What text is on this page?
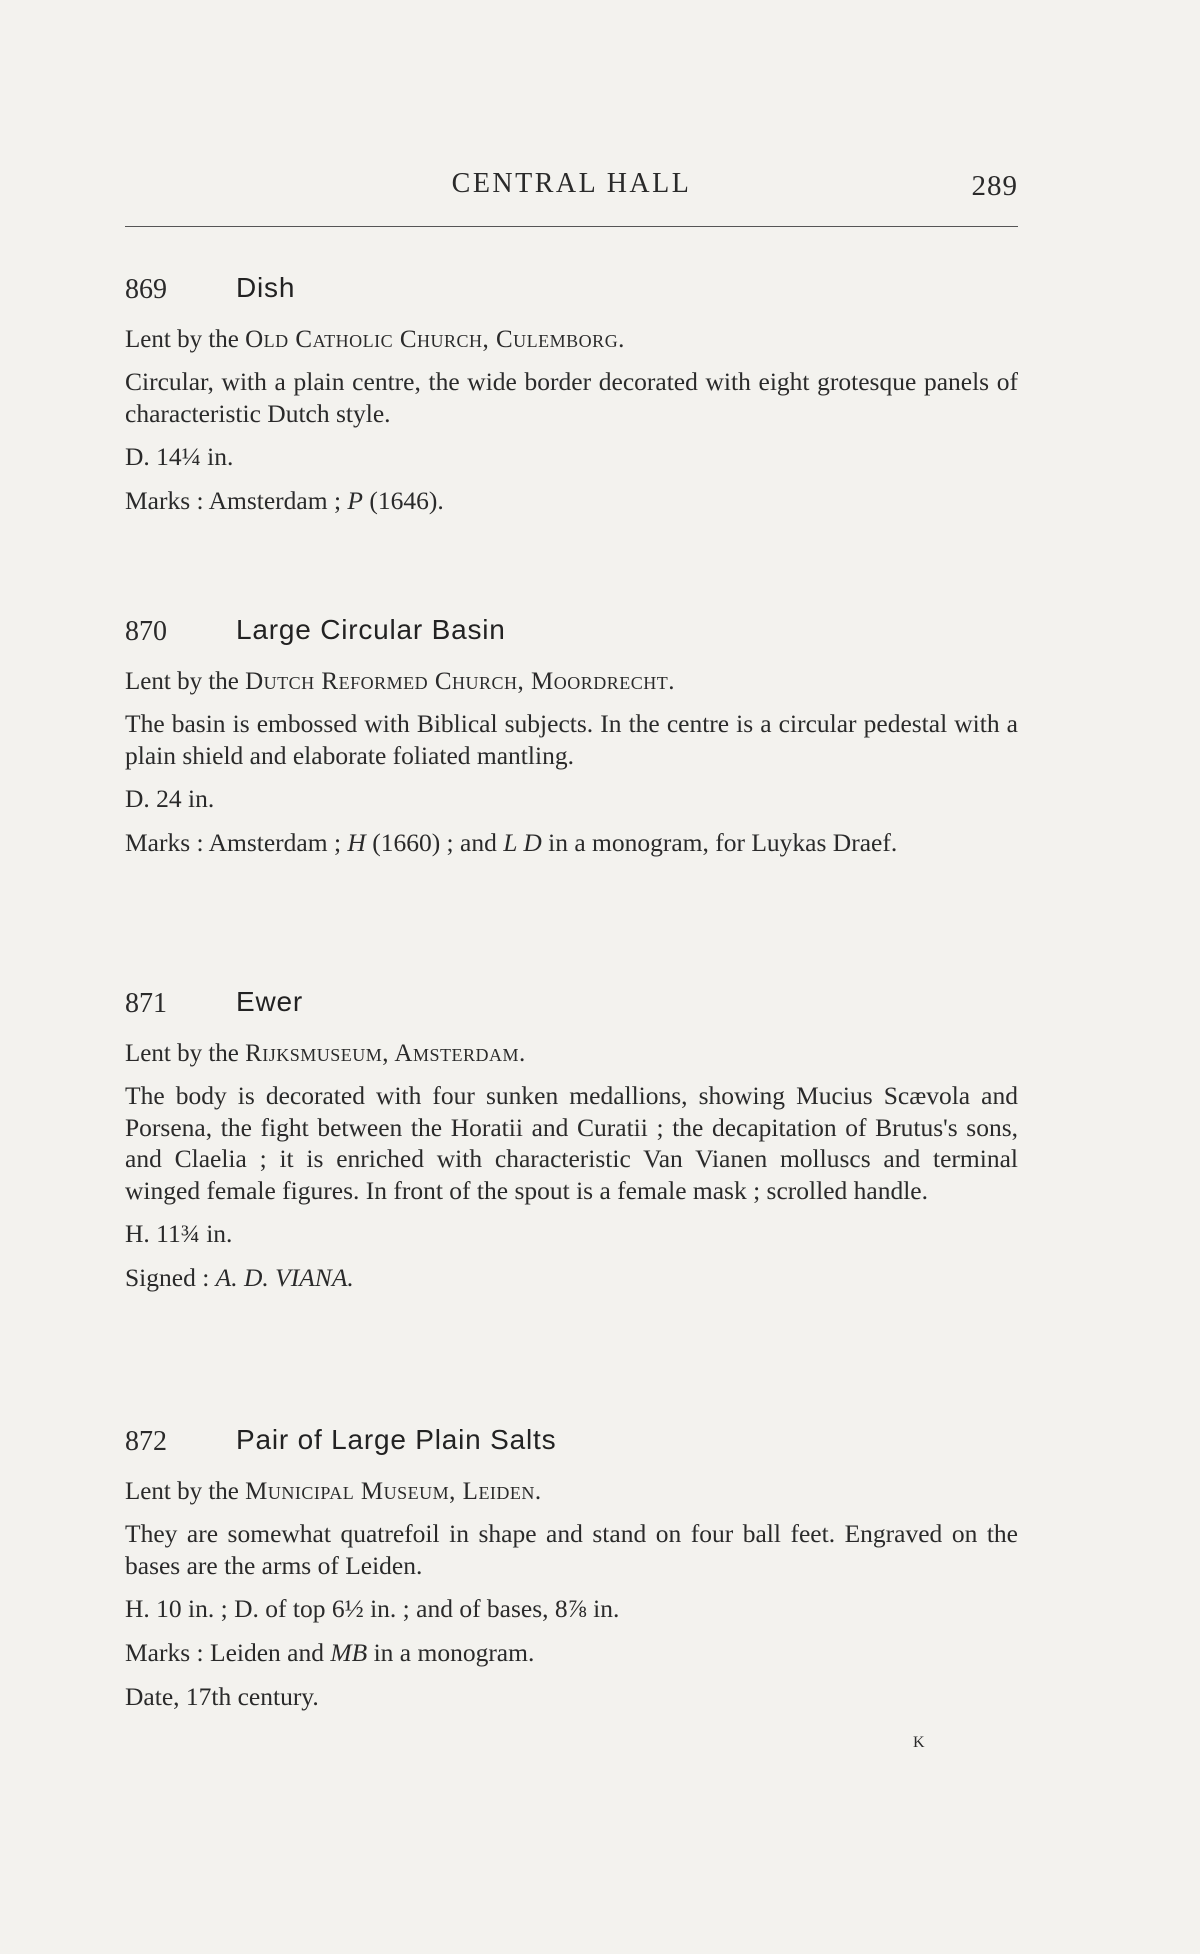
CENTRAL HALL	289
869 Dish
Lent by the Old Catholic Church, Culemborg.
Circular, with a plain centre, the wide border decorated with eight grotesque panels of characteristic Dutch style.
D. 14¼ in.
Marks : Amsterdam ; P (1646).
870 Large Circular Basin
Lent by the Dutch Reformed Church, Moordrecht.
The basin is embossed with Biblical subjects. In the centre is a circular pedestal with a plain shield and elaborate foliated mantling.
D. 24 in.
Marks : Amsterdam ; H (1660) ; and L D in a monogram, for Luykas Draef.
871 Ewer
Lent by the Rijksmuseum, Amsterdam.
The body is decorated with four sunken medallions, showing Mucius Scævola and Porsena, the fight between the Horatii and Curatii ; the decapitation of Brutus's sons, and Claelia ; it is enriched with characteristic Van Vianen molluscs and terminal winged female figures. In front of the spout is a female mask ; scrolled handle.
H. 11¾ in.
Signed : A. D. VIANA.
872 Pair of Large Plain Salts
Lent by the Municipal Museum, Leiden.
They are somewhat quatrefoil in shape and stand on four ball feet. Engraved on the bases are the arms of Leiden.
H. 10 in. ; D. of top 6½ in. ; and of bases, 8⅞ in.
Marks : Leiden and MB in a monogram.
Date, 17th century.
K
